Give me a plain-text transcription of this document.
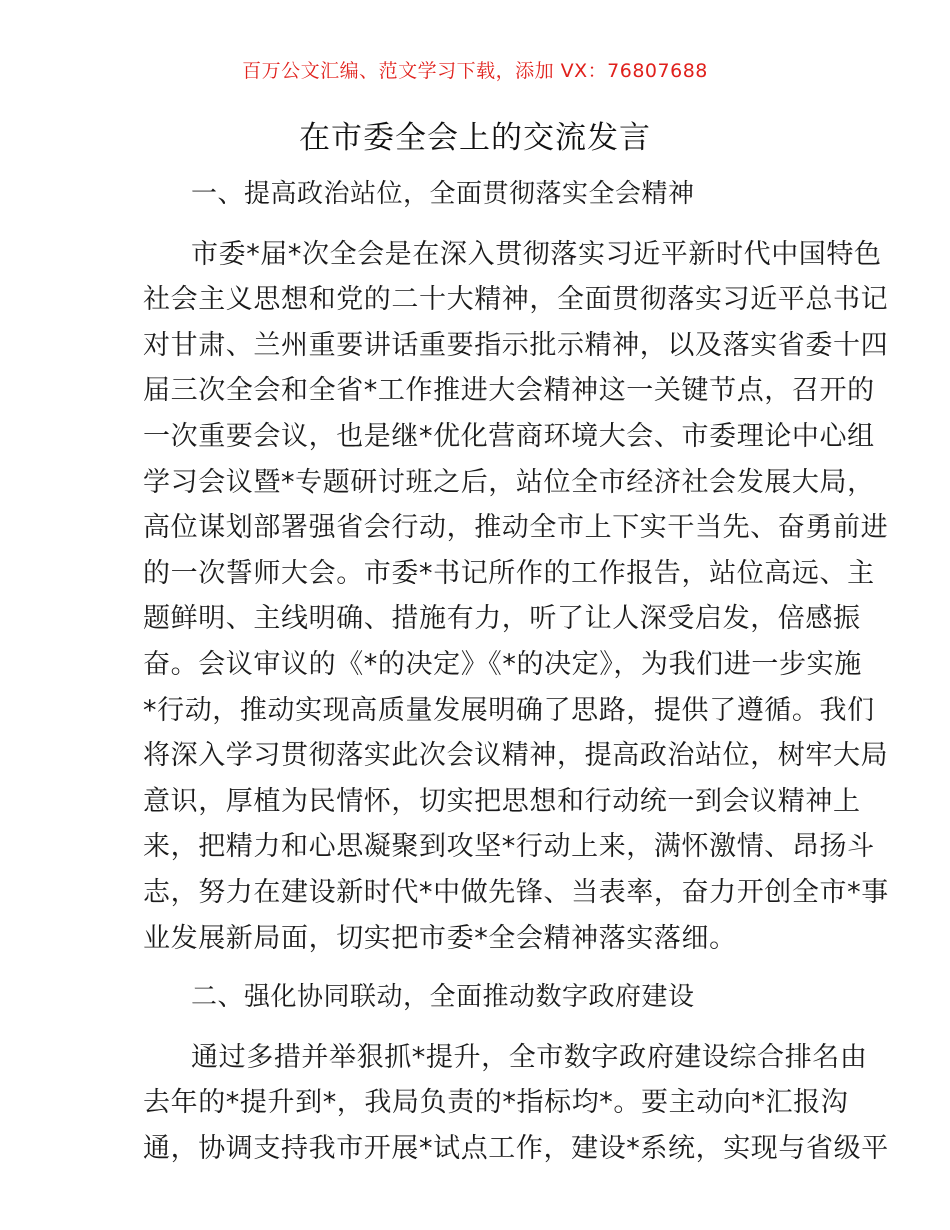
百万公文汇编、范文学习下载，添加 VX：76807688
在市委全会上的交流发言
一、提高政治站位，全面贯彻落实全会精神
市委*届*次全会是在深入贯彻落实习近平新时代中国特色
社会主义思想和党的二十大精神，全面贯彻落实习近平总书记
对甘肃、兰州重要讲话重要指示批示精神，以及落实省委十四
届三次全会和全省*工作推进大会精神这一关键节点，召开的
一次重要会议，也是继*优化营商环境大会、市委理论中心组
学习会议暨*专题研讨班之后，站位全市经济社会发展大局，
高位谋划部署强省会行动，推动全市上下实干当先、奋勇前进
的一次誓师大会。市委*书记所作的工作报告，站位高远、主
题鲜明、主线明确、措施有力，听了让人深受启发，倍感振
奋。会议审议的《*的决定》《*的决定》，为我们进一步实施
*行动，推动实现高质量发展明确了思路，提供了遵循。我们
将深入学习贯彻落实此次会议精神，提高政治站位，树牢大局
意识，厚植为民情怀，切实把思想和行动统一到会议精神上
来，把精力和心思凝聚到攻坚*行动上来，满怀激情、昂扬斗
志，努力在建设新时代*中做先锋、当表率，奋力开创全市*事
业发展新局面，切实把市委*全会精神落实落细。
二、强化协同联动，全面推动数字政府建设
通过多措并举狠抓*提升，全市数字政府建设综合排名由
去年的*提升到*，我局负责的*指标均*。要主动向*汇报沟
通，协调支持我市开展*试点工作，建设*系统，实现与省级平
